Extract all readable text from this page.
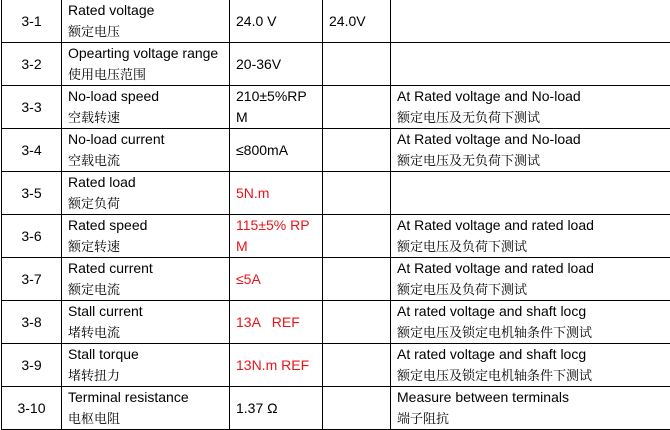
3-1	Rated voltage
额定电压	24.0 V	24.0V	

3-2	Opearting voltage range
使用电压范围	20-36V		

3-3	No-load speed
空载转速	210±5%RPM		At Rated voltage and No-load
额定电压及无负荷下测试

3-4	No-load current
空载电流	≤800mA		At Rated voltage and No-load
额定电压及无负荷下测试

3-5	Rated load
额定负荷	5N.m		

3-6	Rated speed
额定转速	115±5% RPM		At Rated voltage and rated load
额定电压及负荷下测试

3-7	Rated current
额定电流	≤5A		At Rated voltage and rated load
额定电压及负荷下测试

3-8	Stall current
堵转电流	13A   REF		At rated voltage and shaft locg
额定电压及锁定电机轴条件下测试

3-9	Stall torque
堵转扭力	13N.m REF		At rated voltage and shaft locg
额定电压及锁定电机轴条件下测试

3-10	Terminal resistance
电枢电阻	1.37 Ω		Measure between terminals
端子阻抗
